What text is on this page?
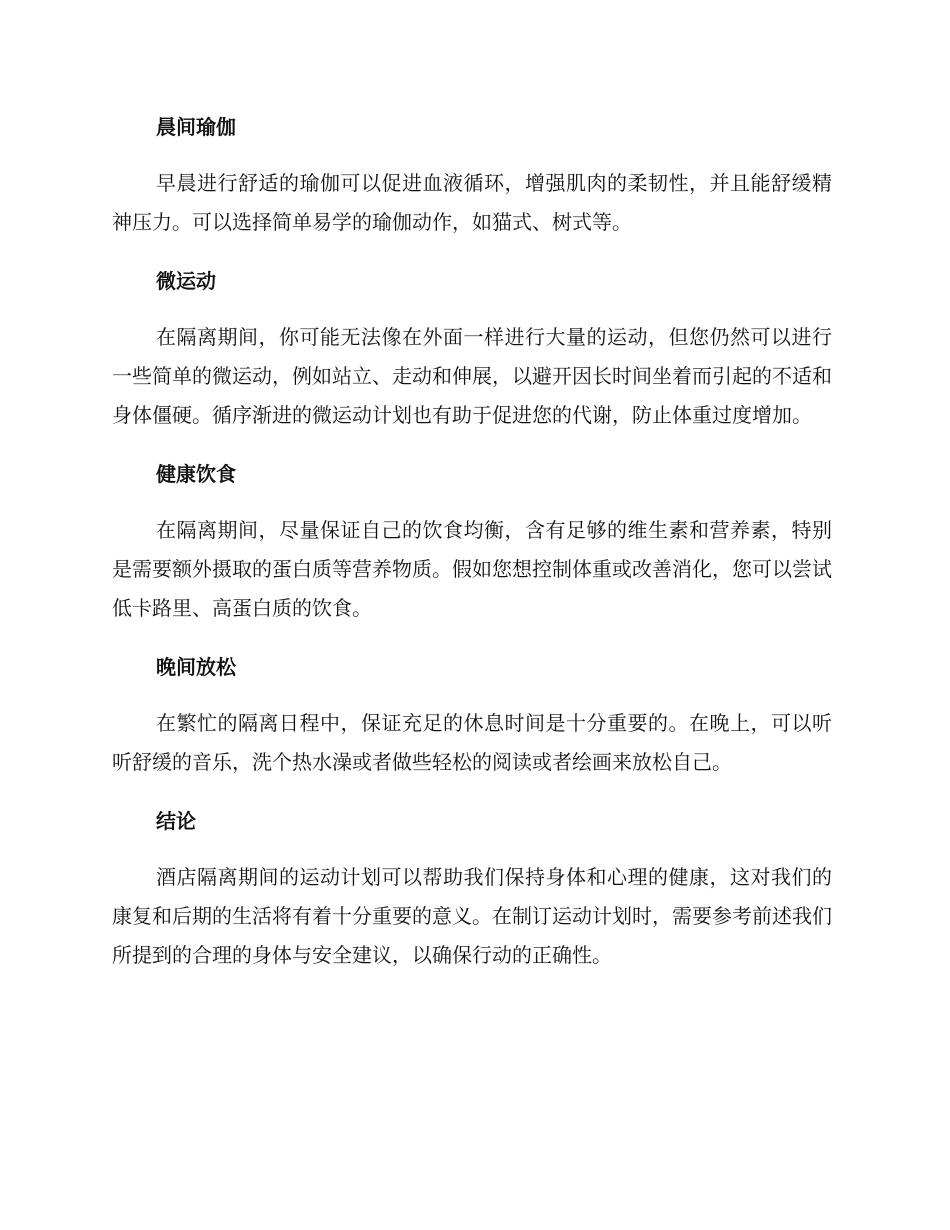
晨间瑜伽

早晨进行舒适的瑜伽可以促进血液循环，增强肌肉的柔韧性，并且能舒缓精神压力。可以选择简单易学的瑜伽动作，如猫式、树式等。

微运动

在隔离期间，你可能无法像在外面一样进行大量的运动，但您仍然可以进行一些简单的微运动，例如站立、走动和伸展，以避开因长时间坐着而引起的不适和身体僵硬。循序渐进的微运动计划也有助于促进您的代谢，防止体重过度增加。

健康饮食

在隔离期间，尽量保证自己的饮食均衡，含有足够的维生素和营养素，特别是需要额外摄取的蛋白质等营养物质。假如您想控制体重或改善消化，您可以尝试低卡路里、高蛋白质的饮食。

晚间放松

在繁忙的隔离日程中，保证充足的休息时间是十分重要的。在晚上，可以听听舒缓的音乐，洗个热水澡或者做些轻松的阅读或者绘画来放松自己。

结论

酒店隔离期间的运动计划可以帮助我们保持身体和心理的健康，这对我们的康复和后期的生活将有着十分重要的意义。在制订运动计划时，需要参考前述我们所提到的合理的身体与安全建议，以确保行动的正确性。
